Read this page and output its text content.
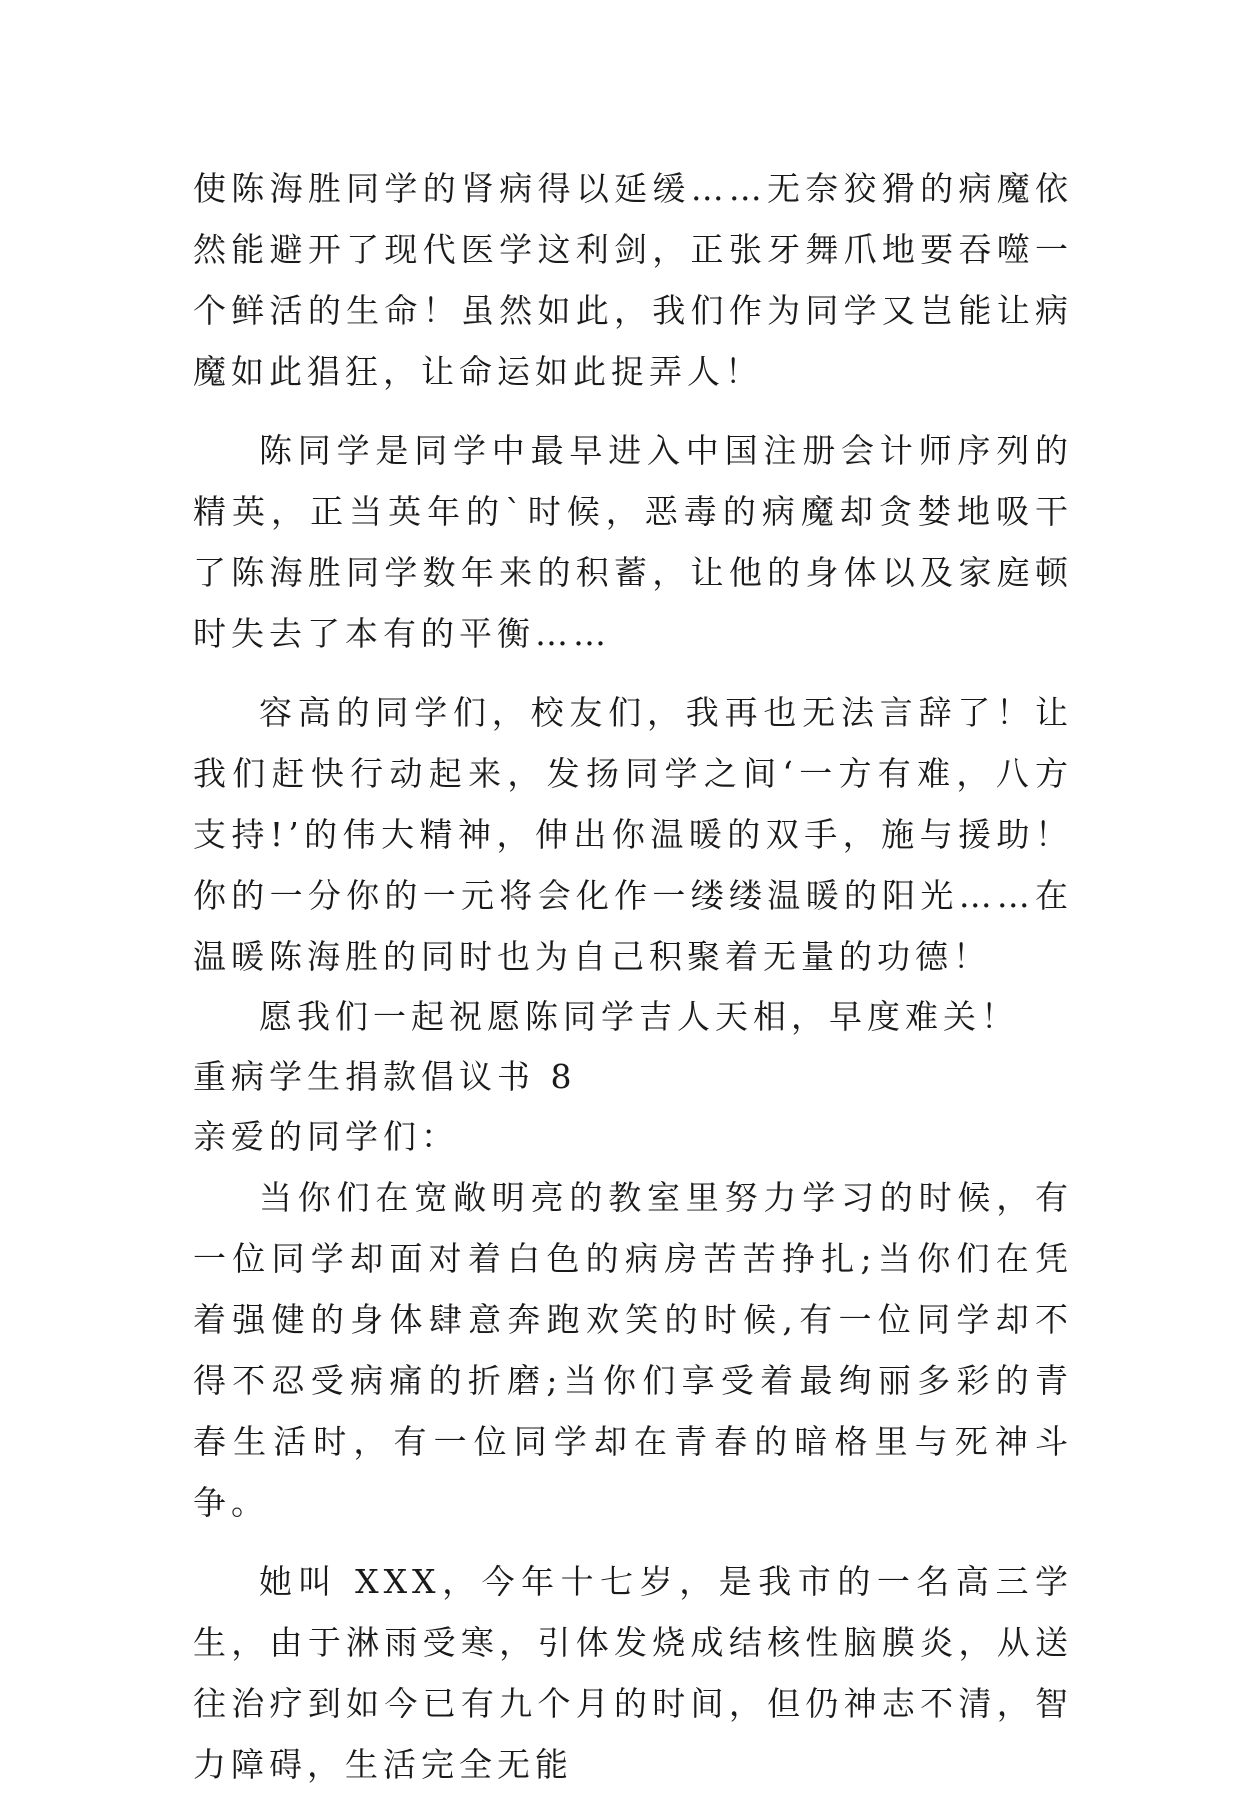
使陈海胜同学的肾病得以延缓……无奈狡猾的病魔依然能避开了现代医学这利剑，正张牙舞爪地要吞噬一个鲜活的生命！虽然如此，我们作为同学又岂能让病魔如此猖狂，让命运如此捉弄人！

陈同学是同学中最早进入中国注册会计师序列的精英，正当英年的`时候，恶毒的病魔却贪婪地吸干了陈海胜同学数年来的积蓄，让他的身体以及家庭顿时失去了本有的平衡……

容高的同学们，校友们，我再也无法言辞了！让我们赶快行动起来，发扬同学之间‘一方有难，八方支持!’的伟大精神，伸出你温暖的双手，施与援助！你的一分你的一元将会化作一缕缕温暖的阳光……在温暖陈海胜的同时也为自己积聚着无量的功德！

愿我们一起祝愿陈同学吉人天相，早度难关！

重病学生捐款倡议书 8

亲爱的同学们：

当你们在宽敞明亮的教室里努力学习的时候，有一位同学却面对着白色的病房苦苦挣扎;当你们在凭着强健的身体肆意奔跑欢笑的时候,有一位同学却不得不忍受病痛的折磨;当你们享受着最绚丽多彩的青春生活时，有一位同学却在青春的暗格里与死神斗争。

她叫 XXX，今年十七岁，是我市的一名高三学生，由于淋雨受寒，引体发烧成结核性脑膜炎，从送往治疗到如今已有九个月的时间，但仍神志不清，智力障碍，生活完全无能
